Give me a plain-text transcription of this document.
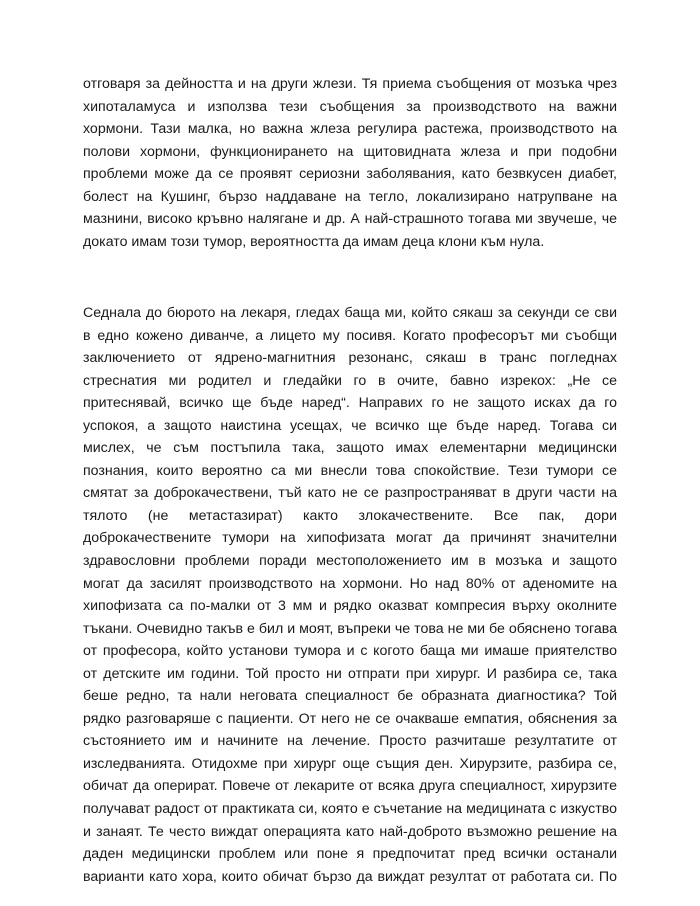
отговаря за дейността и на други жлези. Тя приема съобщения от мозъка чрез
хипоталамуса и използва тези съобщения за производството на важни
хормони. Тази малка, но важна жлеза регулира растежа, производството на
полови хормони, функционирането на щитовидната жлеза и при подобни
проблеми може да се проявят сериозни заболявания, като безвкусен диабет,
болест на Кушинг, бързо наддаване на тегло, локализирано натрупване на
мазнини, високо кръвно налягане и др. А най-страшното тогава ми звучеше, че
докато имам този тумор, вероятността да имам деца клони към нула.
Седнала до бюрото на лекаря, гледах баща ми, който сякаш за секунди се сви
в едно кожено диванче, а лицето му посивя. Когато професорът ми съобщи
заключението от ядрено-магнитния резонанс, сякаш в транс погледнах
стреснатия ми родител и гледайки го в очите, бавно изрекох: „Не се
притеснявай, всичко ще бъде наред“. Направих го не защото исках да го
успокоя, а защото наистина усещах, че всичко ще бъде наред. Тогава си
мислех, че съм постъпила така, защото имах елементарни медицински
познания, които вероятно са ми внесли това спокойствие. Тези тумори се
смятат за доброкачествени, тъй като не се разпространяват в други части на
тялото (не метастазират) както злокачествените. Все пак, дори
доброкачествените тумори на хипофизата могат да причинят значителни
здравословни проблеми поради местоположението им в мозъка и защото
могат да засилят производството на хормони. Но над 80% от аденомите на
хипофизата са по-малки от 3 мм и рядко оказват компресия върху околните
тъкани. Очевидно такъв е бил и моят, въпреки че това не ми бе обяснено тогава
от професора, който установи тумора и с когото баща ми имаше приятелство
от детските им години. Той просто ни отпрати при хирург. И разбира се, така
беше редно, та нали неговата специалност бе образната диагностика? Той
рядко разговаряше с пациенти. От него не се очакваше емпатия, обяснения за
състоянието им и начините на лечение. Просто разчиташе резултатите от
изследванията. Отидохме при хирург още същия ден. Хирурзите, разбира се,
обичат да оперират. Повече от лекарите от всяка друга специалност, хирурзите
получават радост от практиката си, която е съчетание на медицината с изкуство
и занаят. Те често виждат операцията като най-доброто възможно решение на
даден медицински проблем или поне я предпочитат пред всички останали
варианти като хора, които обичат бързо да виждат резултат от работата си. По
